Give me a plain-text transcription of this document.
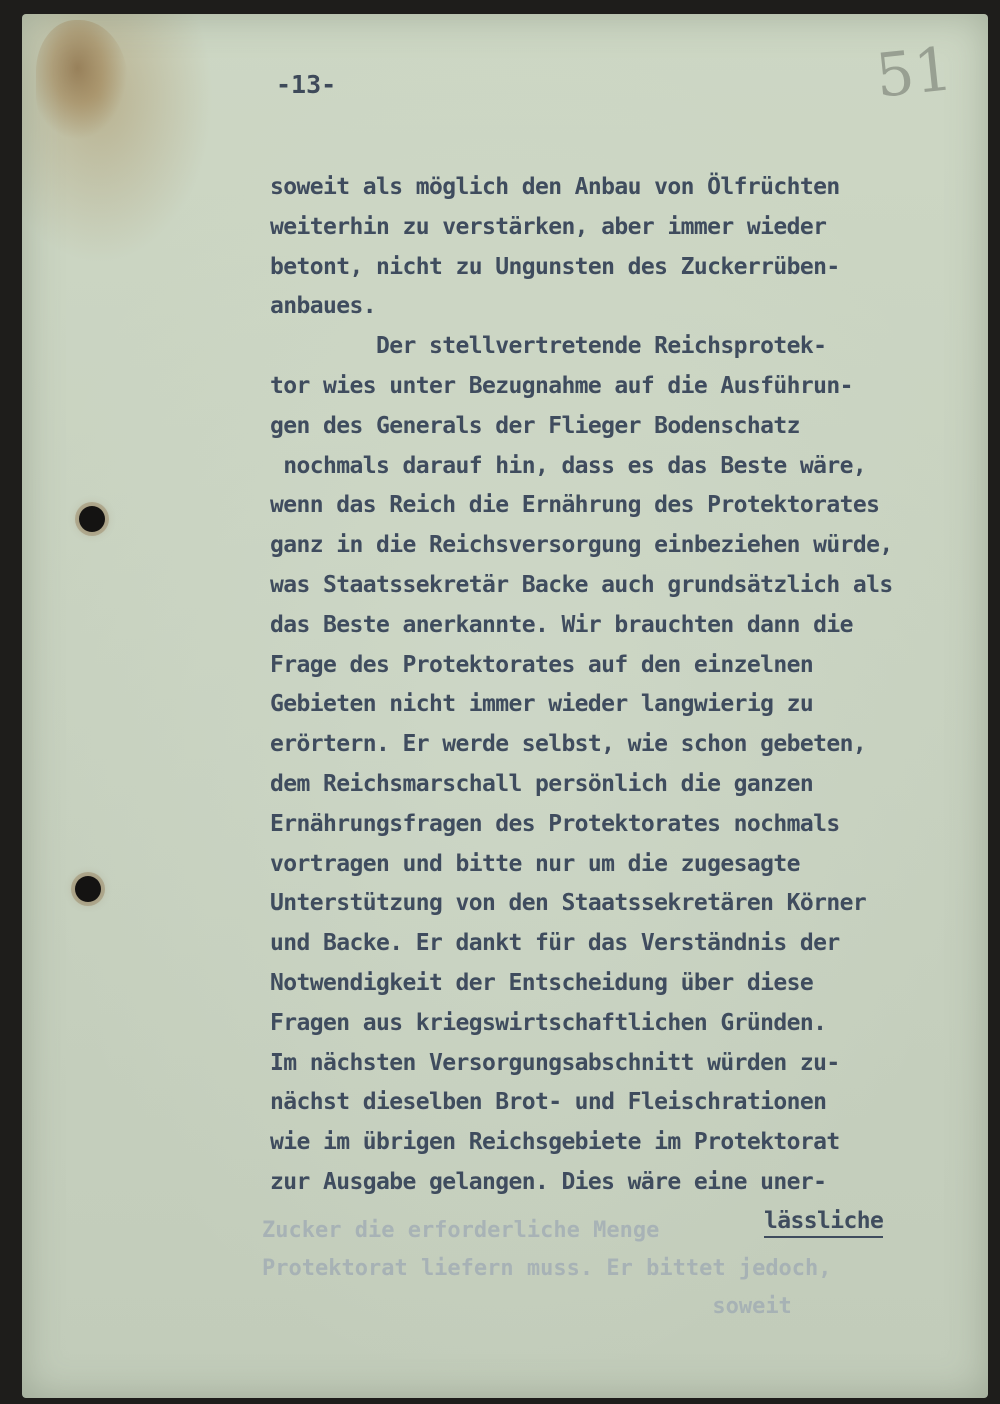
-13-	51
Zucker die erforderliche Menge
Protektorat liefern muss. Er bittet jedoch,
soweit
soweit als möglich den Anbau von Ölfrüchten
weiterhin zu verstärken, aber immer wieder
betont, nicht zu Ungunsten des Zuckerrüben-
anbaues.
Der stellvertretende Reichsprotek-
tor wies unter Bezugnahme auf die Ausführun-
gen des Generals der Flieger Bodenschatz
nochmals darauf hin, dass es das Beste wäre,
wenn das Reich die Ernährung des Protektorates
ganz in die Reichsversorgung einbeziehen würde,
was Staatssekretär Backe auch grundsätzlich als
das Beste anerkannte. Wir brauchten dann die
Frage des Protektorates auf den einzelnen
Gebieten nicht immer wieder langwierig zu
erörtern. Er werde selbst, wie schon gebeten,
dem Reichsmarschall persönlich die ganzen
Ernährungsfragen des Protektorates nochmals
vortragen und bitte nur um die zugesagte
Unterstützung von den Staatssekretären Körner
und Backe. Er dankt für das Verständnis der
Notwendigkeit der Entscheidung über diese
Fragen aus kriegswirtschaftlichen Gründen.
Im nächsten Versorgungsabschnitt würden zu-
nächst dieselben Brot- und Fleischrationen
wie im übrigen Reichsgebiete im Protektorat
zur Ausgabe gelangen. Dies wäre eine uner-
lässliche
